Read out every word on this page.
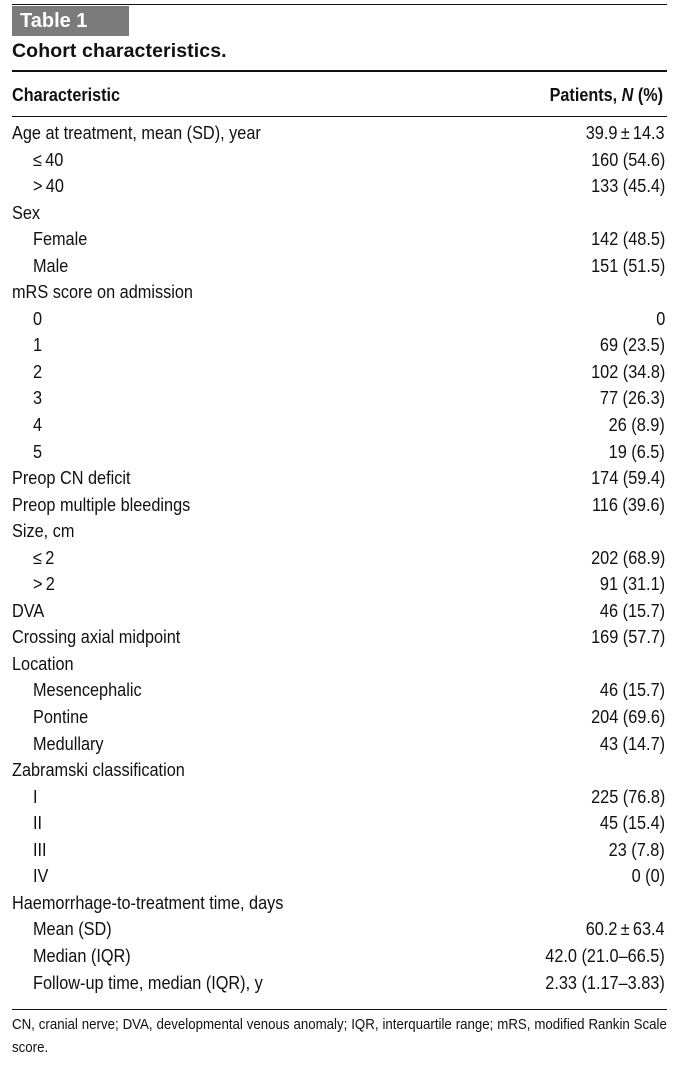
Table 1
Cohort characteristics.
Characteristic	Patients, N (%)
Age at treatment, mean (SD), year	39.9 ± 14.3
≤ 40	160 (54.6)
> 40	133 (45.4)
Sex
Female	142 (48.5)
Male	151 (51.5)
mRS score on admission
0	0
1	69 (23.5)
2	102 (34.8)
3	77 (26.3)
4	26 (8.9)
5	19 (6.5)
Preop CN deficit	174 (59.4)
Preop multiple bleedings	116 (39.6)
Size, cm
≤ 2	202 (68.9)
> 2	91 (31.1)
DVA	46 (15.7)
Crossing axial midpoint	169 (57.7)
Location
Mesencephalic	46 (15.7)
Pontine	204 (69.6)
Medullary	43 (14.7)
Zabramski classification
I	225 (76.8)
II	45 (15.4)
III	23 (7.8)
IV	0 (0)
Haemorrhage-to-treatment time, days
Mean (SD)	60.2 ± 63.4
Median (IQR)	42.0 (21.0–66.5)
Follow-up time, median (IQR), y	2.33 (1.17–3.83)
CN, cranial nerve; DVA, developmental venous anomaly; IQR, interquartile range; mRS, modified Rankin Scale score.
